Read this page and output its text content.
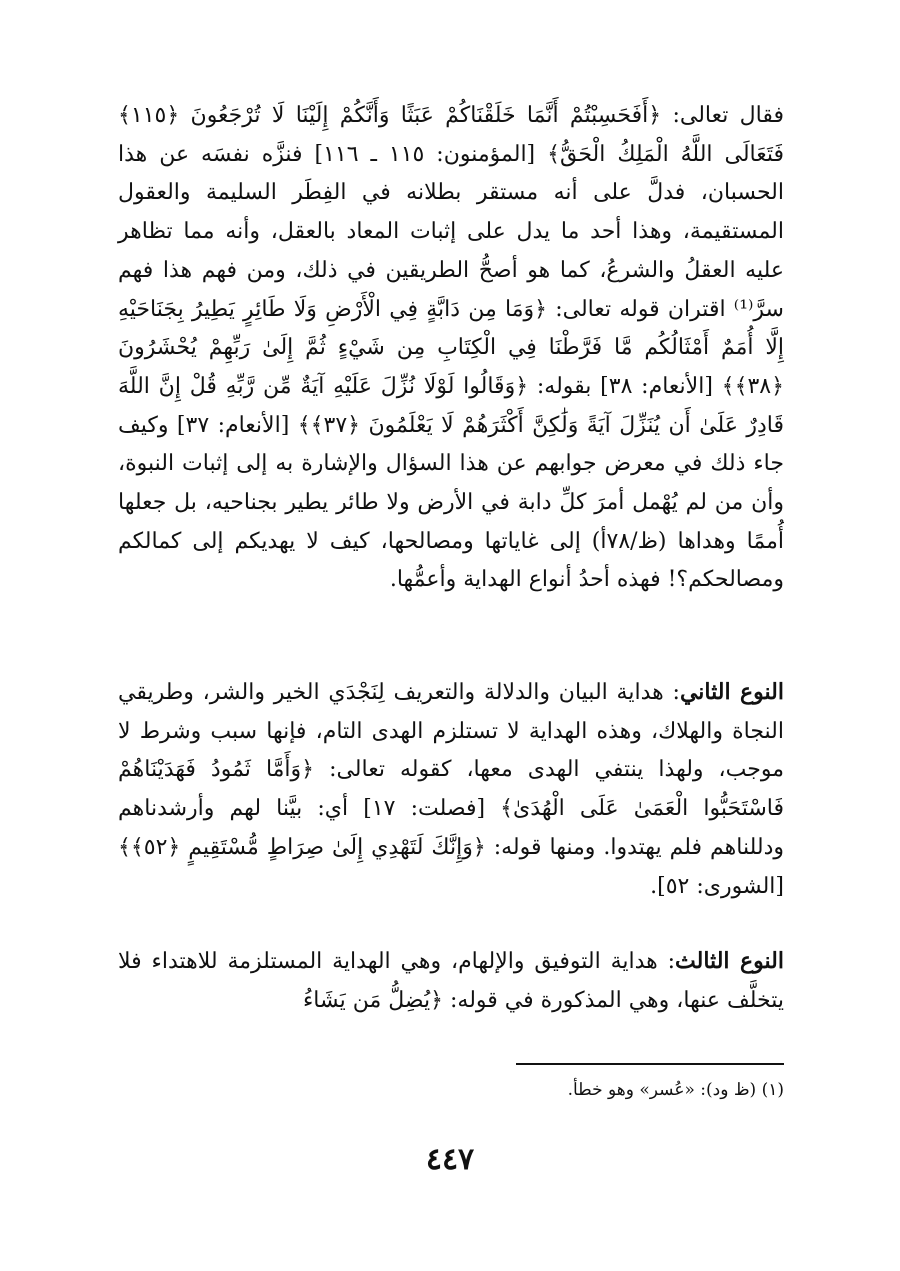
فقال تعالى: ﴿أَفَحَسِبْتُمْ أَنَّمَا خَلَقْنَاكُمْ عَبَثًا وَأَنَّكُمْ إِلَيْنَا لَا تُرْجَعُونَ ﴿١١٥﴾ فَتَعَالَى اللَّهُ الْمَلِكُ الْحَقُّ﴾ [المؤمنون: ١١٥ ـ ١١٦] فنزَّه نفسَه عن هذا الحسبان، فدلَّ على أنه مستقر بطلانه في الفِطَر السليمة والعقول المستقيمة، وهذا أحد ما يدل على إثبات المعاد بالعقل، وأنه مما تظاهر عليه العقلُ والشرعُ، كما هو أصحُّ الطريقين في ذلك، ومن فهم هذا فهم سرَّ⁽¹⁾ اقتران قوله تعالى: ﴿وَمَا مِن دَابَّةٍ فِي الْأَرْضِ وَلَا طَائِرٍ يَطِيرُ بِجَنَاحَيْهِ إِلَّا أُمَمٌ أَمْثَالُكُم مَّا فَرَّطْنَا فِي الْكِتَابِ مِن شَيْءٍ ثُمَّ إِلَىٰ رَبِّهِمْ يُحْشَرُونَ ﴿٣٨﴾﴾ [الأنعام: ٣٨] بقوله: ﴿وَقَالُوا لَوْلَا نُزِّلَ عَلَيْهِ آيَةٌ مِّن رَّبِّهِ قُلْ إِنَّ اللَّهَ قَادِرٌ عَلَىٰ أَن يُنَزِّلَ آيَةً وَلَٰكِنَّ أَكْثَرَهُمْ لَا يَعْلَمُونَ ﴿٣٧﴾﴾ [الأنعام: ٣٧] وكيف جاء ذلك في معرض جوابهم عن هذا السؤال والإشارة به إلى إثبات النبوة، وأن من لم يُهْمل أمرَ كلِّ دابة في الأرض ولا طائر يطير بجناحيه، بل جعلها أُممًا وهداها (ظ/٧٨أ) إلى غاياتها ومصالحها، كيف لا يهديكم إلى كمالكم ومصالحكم؟! فهذه أحدُ أنواع الهداية وأعمُّها.
النوع الثاني: هداية البيان والدلالة والتعريف لِنَجْدَي الخير والشر، وطريقي النجاة والهلاك، وهذه الهداية لا تستلزم الهدى التام، فإنها سبب وشرط لا موجب، ولهذا ينتفي الهدى معها، كقوله تعالى: ﴿وَأَمَّا ثَمُودُ فَهَدَيْنَاهُمْ فَاسْتَحَبُّوا الْعَمَىٰ عَلَى الْهُدَىٰ﴾ [فصلت: ١٧] أي: بيَّنا لهم وأرشدناهم ودللناهم فلم يهتدوا. ومنها قوله: ﴿وَإِنَّكَ لَتَهْدِي إِلَىٰ صِرَاطٍ مُّسْتَقِيمٍ ﴿٥٢﴾﴾ [الشورى: ٥٢].
النوع الثالث: هداية التوفيق والإلهام، وهي الهداية المستلزمة للاهتداء فلا يتخلَّف عنها، وهي المذكورة في قوله: ﴿يُضِلُّ مَن يَشَاءُ
(١) (ظ ود): «عُسر» وهو خطأ.
٤٤٧
